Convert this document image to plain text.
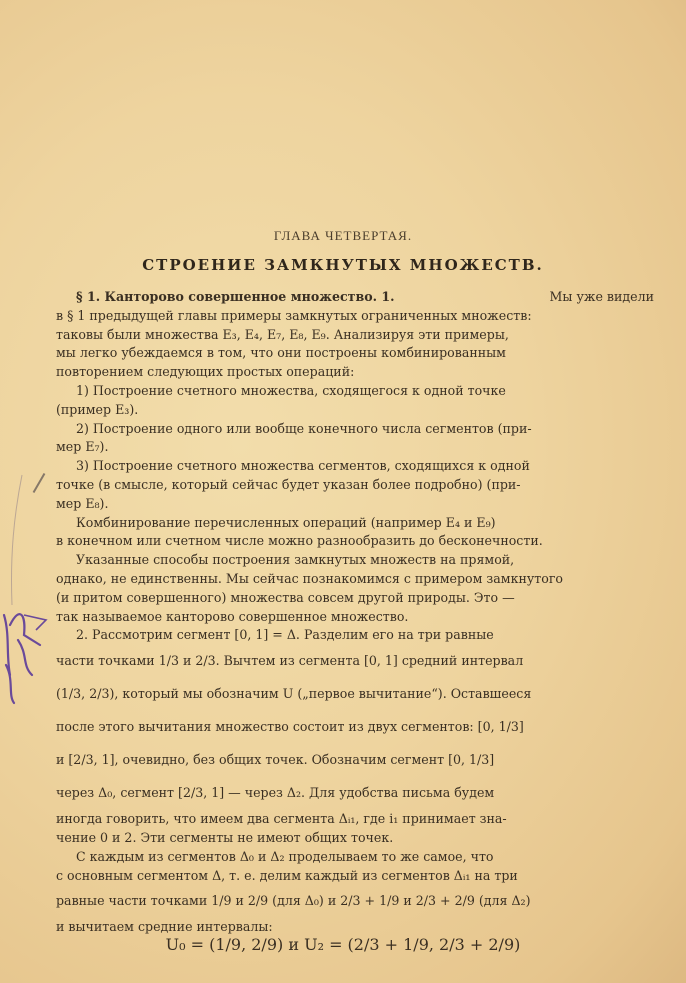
ГЛАВА ЧЕТВЕРТАЯ.
СТРОЕНИЕ ЗАМКНУТЫХ МНОЖЕСТВ.
§ 1. Канторово совершенное множество. 1.	Мы уже видели
в § 1 предыдущей главы примеры замкнутых ограниченных множеств:
таковы были множества E₃, E₄, E₇, E₈, E₉. Анализируя эти примеры,
мы легко убеждаемся в том, что они построены комбинированным
повторением следующих простых операций:
1) Построение счетного множества, сходящегося к одной точке
(пример E₃).
2) Построение одного или вообще конечного числа сегментов (при-
мер E₇).
3) Построение счетного множества сегментов, сходящихся к одной
точке (в смысле, который сейчас будет указан более подробно) (при-
мер E₈).
Комбинирование перечисленных операций (например E₄ и E₉)
в конечном или счетном числе можно разнообразить до бесконечности.
Указанные способы построения замкнутых множеств на прямой,
однако, не единственны. Мы сейчас познакомимся с примером замкнутого
(и притом совершенного) множества совсем другой природы. Это —
так называемое канторово совершенное множество.
2. Рассмотрим сегмент [0, 1] = Δ. Разделим его на три равные
части точками 1/3 и 2/3. Вычтем из сегмента [0, 1] средний интервал
(1/3, 2/3), который мы обозначим U („первое вычитание“). Оставшееся
после этого вычитания множество состоит из двух сегментов: [0, 1/3]
и [2/3, 1], очевидно, без общих точек. Обозначим сегмент [0, 1/3]
через Δ₀, сегмент [2/3, 1] — через Δ₂. Для удобства письма будем
иногда говорить, что имеем два сегмента Δᵢ₁, где i₁ принимает зна-
чение 0 и 2. Эти сегменты не имеют общих точек.
С каждым из сегментов Δ₀ и Δ₂ проделываем то же самое, что
с основным сегментом Δ, т. е. делим каждый из сегментов Δᵢ₁ на три
равные части точками 1/9 и 2/9 (для Δ₀) и 2/3 + 1/9 и 2/3 + 2/9 (для Δ₂)
и вычитаем средние интервалы:
U₀ = (1/9, 2/9) и U₂ = (2/3 + 1/9, 2/3 + 2/9)
